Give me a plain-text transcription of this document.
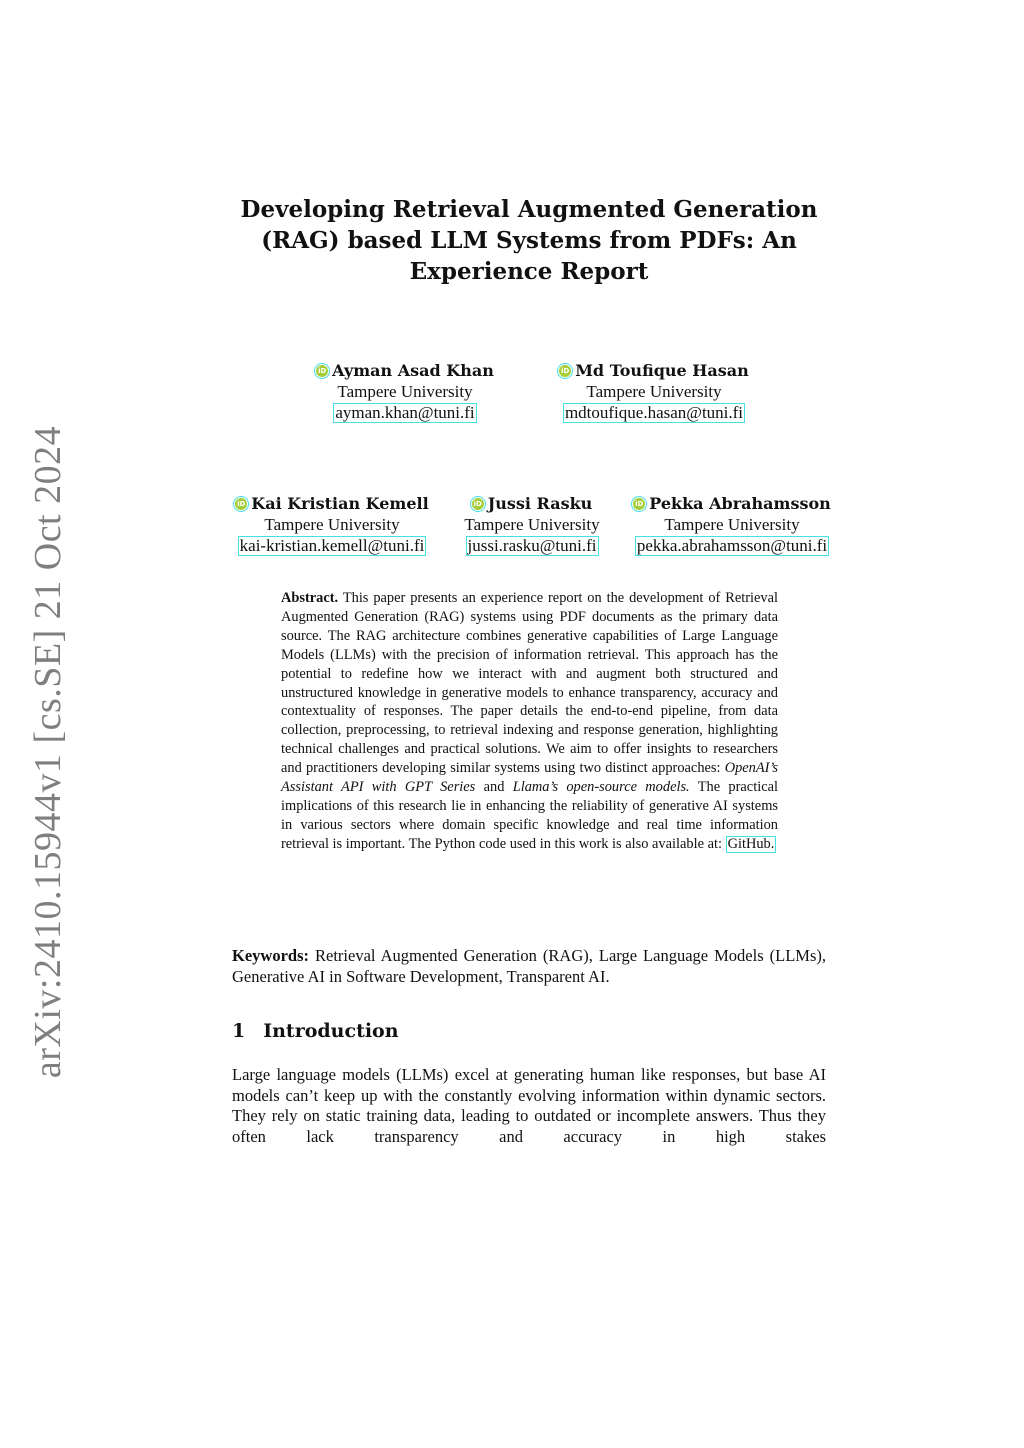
arXiv:2410.15944v1 [cs.SE] 21 Oct 2024
Developing Retrieval Augmented Generation
(RAG) based LLM Systems from PDFs: An
Experience Report
iD Ayman Asad Khan
Tampere University
ayman.khan@tuni.fi
iD Md Toufique Hasan
Tampere University
mdtoufique.hasan@tuni.fi
iD Kai Kristian Kemell
Tampere University
kai-kristian.kemell@tuni.fi
iD Jussi Rasku
Tampere University
jussi.rasku@tuni.fi
iD Pekka Abrahamsson
Tampere University
pekka.abrahamsson@tuni.fi
Abstract. This paper presents an experience report on the development of Retrieval Augmented Generation (RAG) systems using PDF documents as the primary data source. The RAG architecture combines generative capabilities of Large Language Models (LLMs) with the precision of information retrieval. This approach has the potential to redefine how we interact with and augment both structured and unstructured knowledge in generative models to enhance transparency, accuracy and contextuality of responses. The paper details the end-to-end pipeline, from data collection, preprocessing, to retrieval indexing and response generation, highlighting technical challenges and practical solutions. We aim to offer insights to researchers and practitioners developing similar systems using two distinct approaches: OpenAI’s Assistant API with GPT Series and Llama’s open-source models. The practical implications of this research lie in enhancing the reliability of generative AI systems in various sectors where domain specific knowledge and real time information retrieval is important. The Python code used in this work is also available at: GitHub.
Keywords: Retrieval Augmented Generation (RAG), Large Language Models (LLMs), Generative AI in Software Development, Transparent AI.
1 Introduction
Large language models (LLMs) excel at generating human like responses, but base AI models can’t keep up with the constantly evolving information within dynamic sectors. They rely on static training data, leading to outdated or incomplete answers. Thus they often lack transparency and accuracy in high stakes
